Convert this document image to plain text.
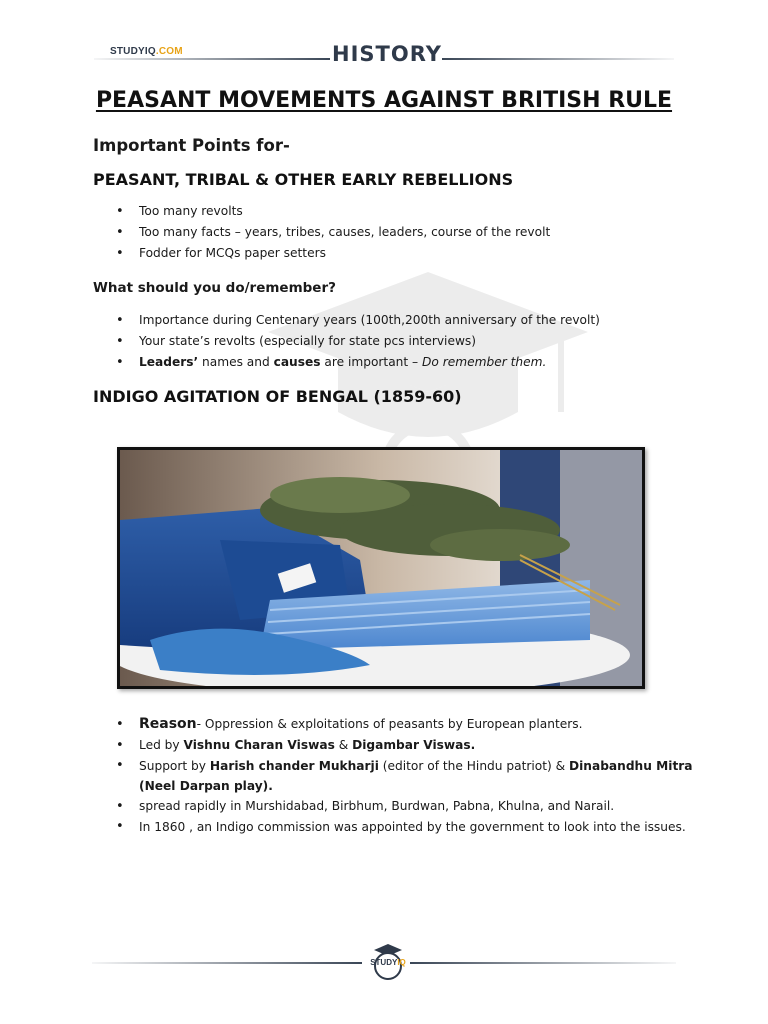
STUDYIQ.COM	HISTORY
PEASANT MOVEMENTS AGAINST BRITISH RULE
Important Points for-
PEASANT, TRIBAL & OTHER EARLY REBELLIONS
• Too many revolts
• Too many facts – years, tribes, causes, leaders, course of the revolt
• Fodder for MCQs paper setters
What should you do/remember?
• Importance during Centenary years (100th,200th anniversary of the revolt)
• Your state’s revolts (especially for state pcs interviews)
• Leaders’ names and causes are important – Do remember them.
INDIGO AGITATION OF BENGAL (1859-60)
• Reason- Oppression & exploitations of peasants by European planters.
• Led by Vishnu Charan Viswas & Digambar Viswas.
• Support by Harish chander Mukharji (editor of the Hindu patriot) & Dinabandhu Mitra (Neel Darpan play).
• spread rapidly in Murshidabad, Birbhum, Burdwan, Pabna, Khulna, and Narail.
• In 1860 , an Indigo commission was appointed by the government to look into the issues.
STUDYIQ
